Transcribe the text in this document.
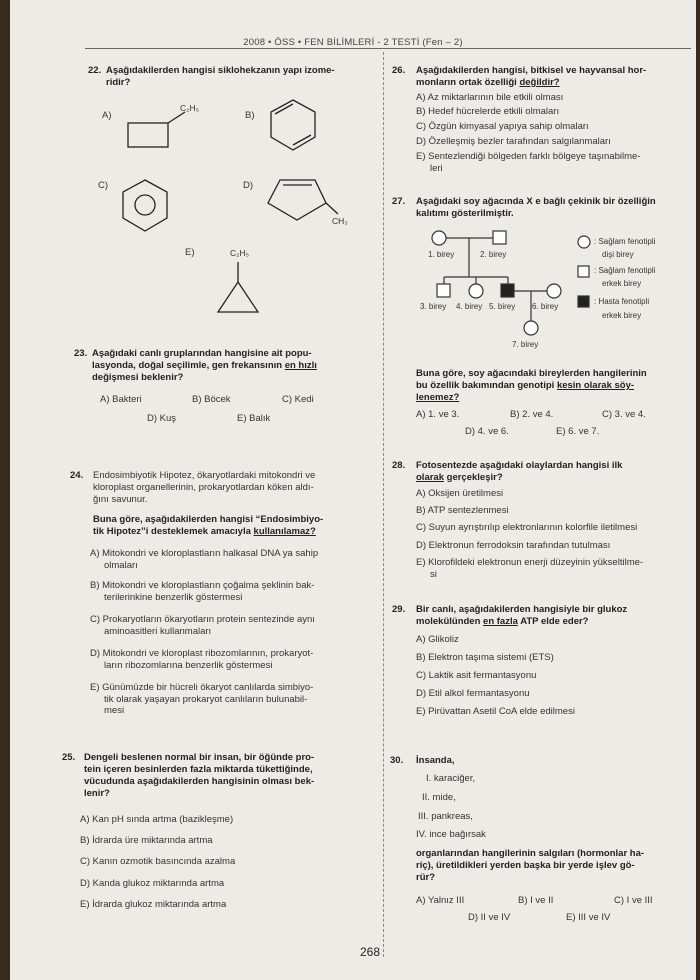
2008 • ÖSS • FEN BİLİMLERİ - 2 TESTİ (Fen – 2)
22. Aşağıdakilerden hangisi siklohekzanın yapı izome-
ridir?
A)	B)
C)	D)
E)
C₂H₅
CH₃
C₂H₅
23. Aşağıdaki canlı gruplarından hangisine ait popu-
lasyonda, doğal seçilimle, gen frekansının en hızlı
değişmesi beklenir?
A) Bakteri	B) Böcek	C) Kedi
D) Kuş	E) Balık
24. Endosimbiyotik Hipotez, ökaryotlardaki mitokondri ve
kloroplast organellerinin, prokaryotlardan köken aldı-
ğını savunur.
Buna göre, aşağıdakilerden hangisi “Endosimbiyo-
tik Hipotez”i desteklemek amacıyla kullanılamaz?
A) Mitokondri ve kloroplastların halkasal DNA ya sahip
olmaları
B) Mitokondri ve kloroplastların çoğalma şeklinin bak-
terilerinkine benzerlik göstermesi
C) Prokaryotların ökaryotların protein sentezinde aynı
aminoasitleri kullanmaları
D) Mitokondri ve kloroplast ribozomlarının, prokaryot-
ların ribozomlarına benzerlik göstermesi
E) Günümüzde bir hücreli ökaryot canlılarda simbiyo-
tik olarak yaşayan prokaryot canlıların bulunabil-
mesi
25. Dengeli beslenen normal bir insan, bir öğünde pro-
tein içeren besinlerden fazla miktarda tükettiğinde,
vücudunda aşağıdakilerden hangisinin olması bek-
lenir?
A) Kan pH sında artma (bazikleşme)
B) İdrarda üre miktarında artma
C) Kanın ozmotik basıncında azalma
D) Kanda glukoz miktarında artma
E) İdrarda glukoz miktarında artma
26. Aşağıdakilerden hangisi, bitkisel ve hayvansal hor-
monların ortak özelliği değildir?
A) Az miktarlarının bile etkili olması
B) Hedef hücrelerde etkili olmaları
C) Özgün kimyasal yapıya sahip olmaları
D) Özelleşmiş bezler tarafından salgılanmaları
E) Sentezlendiği bölgeden farklı bölgeye taşınabilme-
leri
27. Aşağıdaki soy ağacında X e bağlı çekinik bir özelliğin
kalıtımı gösterilmiştir.
1. birey	2. birey
3. birey 4. birey 5. birey 6. birey
7. birey
: Sağlam fenotipli
dişi birey
: Sağlam fenotipli
erkek birey
: Hasta fenotipli
erkek birey
Buna göre, soy ağacındaki bireylerden hangilerinin
bu özellik bakımından genotipi kesin olarak söy-
lenemez?
A) 1. ve 3.	B) 2. ve 4.	C) 3. ve 4.
D) 4. ve 6.	E) 6. ve 7.
28. Fotosentezde aşağıdaki olaylardan hangisi ilk
olarak gerçekleşir?
A) Oksijen üretilmesi
B) ATP sentezlenmesi
C) Suyun ayrıştırılıp elektronlarının kolorfile iletilmesi
D) Elektronun ferrodoksin tarafından tutulması
E) Klorofildeki elektronun enerji düzeyinin yükseltilme-
si
29. Bir canlı, aşağıdakilerden hangisiyle bir glukoz
molekülünden en fazla ATP elde eder?
A) Glikoliz
B) Elektron taşıma sistemi (ETS)
C) Laktik asit fermantasyonu
D) Etil alkol fermantasyonu
E) Pirüvattan Asetil CoA elde edilmesi
30. İnsanda,
I. karaciğer,
II. mide,
III. pankreas,
IV. ince bağırsak
organlarından hangilerinin salgıları (hormonlar ha-
riç), üretildikleri yerden başka bir yerde işlev gö-
rür?
A) Yalnız III	B) I ve II	C) I ve III
D) II ve IV	E) III ve IV
268
